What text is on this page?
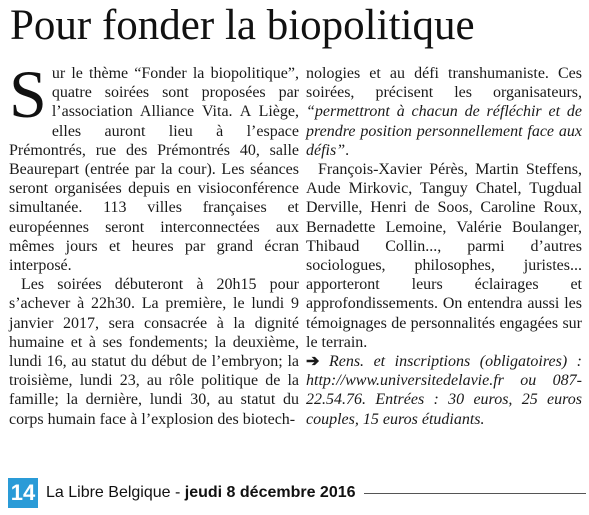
Pour fonder la biopolitique

Sur le thème “Fonder la biopolitique”, quatre soirées sont proposées par l’association Alliance Vita. A Liège, elles auront lieu à l’espace Prémontrés, rue des Prémontrés 40, salle Beaurepart (entrée par la cour). Les séances seront organisées depuis en visioconférence simultanée. 113 villes françaises et européennes seront interconnectées aux mêmes jours et heures par grand écran interposé.

Les soirées débuteront à 20h15 pour s’achever à 22h30. La première, le lundi 9 janvier 2017, sera consacrée à la dignité humaine et à ses fondements; la deuxième, lundi 16, au statut du début de l’embryon; la troisième, lundi 23, au rôle politique de la famille; la dernière, lundi 30, au statut du corps humain face à l’explosion des biotech-

nologies et au défi transhumaniste. Ces soirées, précisent les organisateurs, “permettront à chacun de réfléchir et de prendre position personnellement face aux défis”.

François-Xavier Pérès, Martin Steffens, Aude Mirkovic, Tanguy Chatel, Tugdual Derville, Henri de Soos, Caroline Roux, Bernadette Lemoine, Valérie Boulanger, Thibaud Collin..., parmi d’autres sociologues, philosophes, juristes... apporteront leurs éclairages et approfondissements. On entendra aussi les témoignages de personnalités engagées sur le terrain.

➔ Rens. et inscriptions (obligatoires) : http://www.universitedelavie.fr ou 087-22.54.76. Entrées : 30 euros, 25 euros couples, 15 euros étudiants.

14 La Libre Belgique - jeudi 8 décembre 2016
